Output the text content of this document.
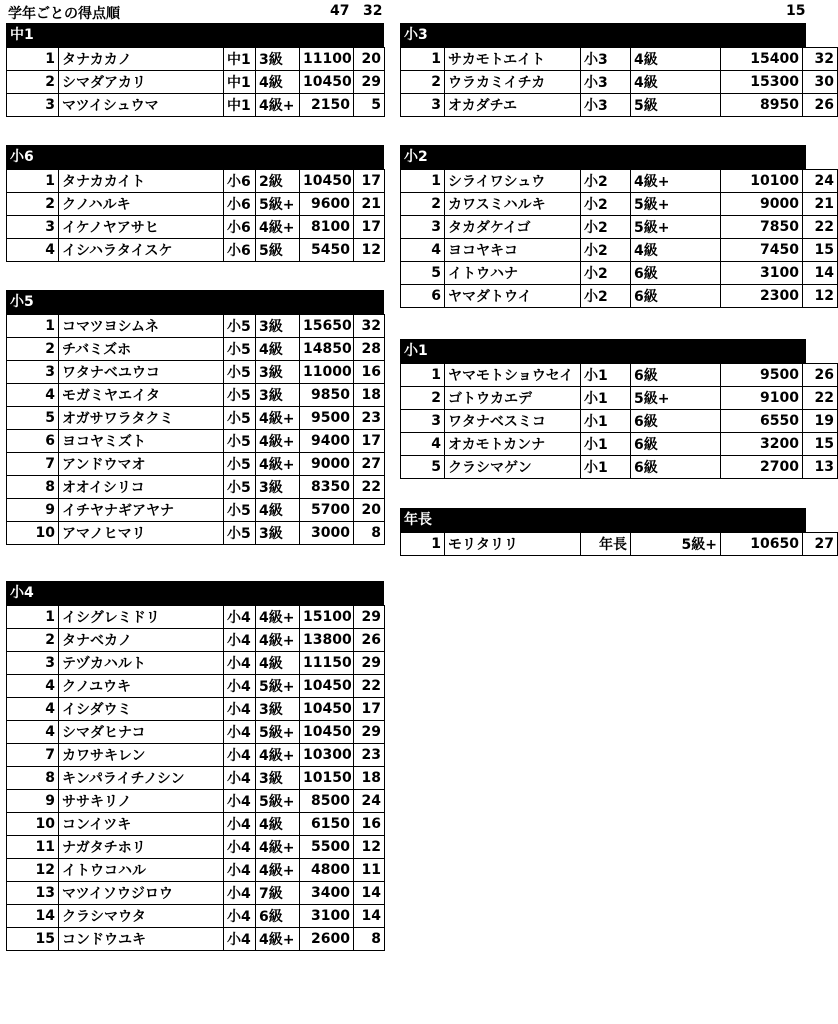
学年ごとの得点順	47 32	15
中1
1	タナカカノ	中1	3級	11100	20
2	シマダアカリ	中1	4級	10450	29
3	マツイシュウマ	中1	4級+	2150	5
小6
1	タナカカイト	小6	2級	10450	17
2	クノハルキ	小6	5級+	9600	21
3	イケノヤアサヒ	小6	4級+	8100	17
4	イシハラタイスケ	小6	5級	5450	12
小5
1	コマツヨシムネ	小5	3級	15650	32
2	チバミズホ	小5	4級	14850	28
3	ワタナベユウコ	小5	3級	11000	16
4	モガミヤエイタ	小5	3級	9850	18
5	オガサワラタクミ	小5	4級+	9500	23
6	ヨコヤミズト	小5	4級+	9400	17
7	アンドウマオ	小5	4級+	9000	27
8	オオイシリコ	小5	3級	8350	22
9	イチヤナギアヤナ	小5	4級	5700	20
10	アマノヒマリ	小5	3級	3000	8
小4
1	イシグレミドリ	小4	4級+	15100	29
2	タナベカノ	小4	4級+	13800	26
3	テヅカハルト	小4	4級	11150	29
4	クノユウキ	小4	5級+	10450	22
4	イシダウミ	小4	3級	10450	17
4	シマダヒナコ	小4	5級+	10450	29
7	カワサキレン	小4	4級+	10300	23
8	キンパライチノシン	小4	3級	10150	18
9	ササキリノ	小4	5級+	8500	24
10	コンイツキ	小4	4級	6150	16
11	ナガタチホリ	小4	4級+	5500	12
12	イトウコハル	小4	4級+	4800	11
13	マツイソウジロウ	小4	7級	3400	14
14	クラシマウタ	小4	6級	3100	14
15	コンドウユキ	小4	4級+	2600	8
小3
1	サカモトエイト	小3	4級	15400	32
2	ウラカミイチカ	小3	4級	15300	30
3	オカダチエ	小3	5級	8950	26
小2
1	シライワシュウ	小2	4級+	10100	24
2	カワスミハルキ	小2	5級+	9000	21
3	タカダケイゴ	小2	5級+	7850	22
4	ヨコヤキコ	小2	4級	7450	15
5	イトウハナ	小2	6級	3100	14
6	ヤマダトウイ	小2	6級	2300	12
小1
1	ヤマモトショウセイ	小1	6級	9500	26
2	ゴトウカエデ	小1	5級+	9100	22
3	ワタナベスミコ	小1	6級	6550	19
4	オカモトカンナ	小1	6級	3200	15
5	クラシマゲン	小1	6級	2700	13
年長
1	モリタリリ	年長	5級+	10650	27
